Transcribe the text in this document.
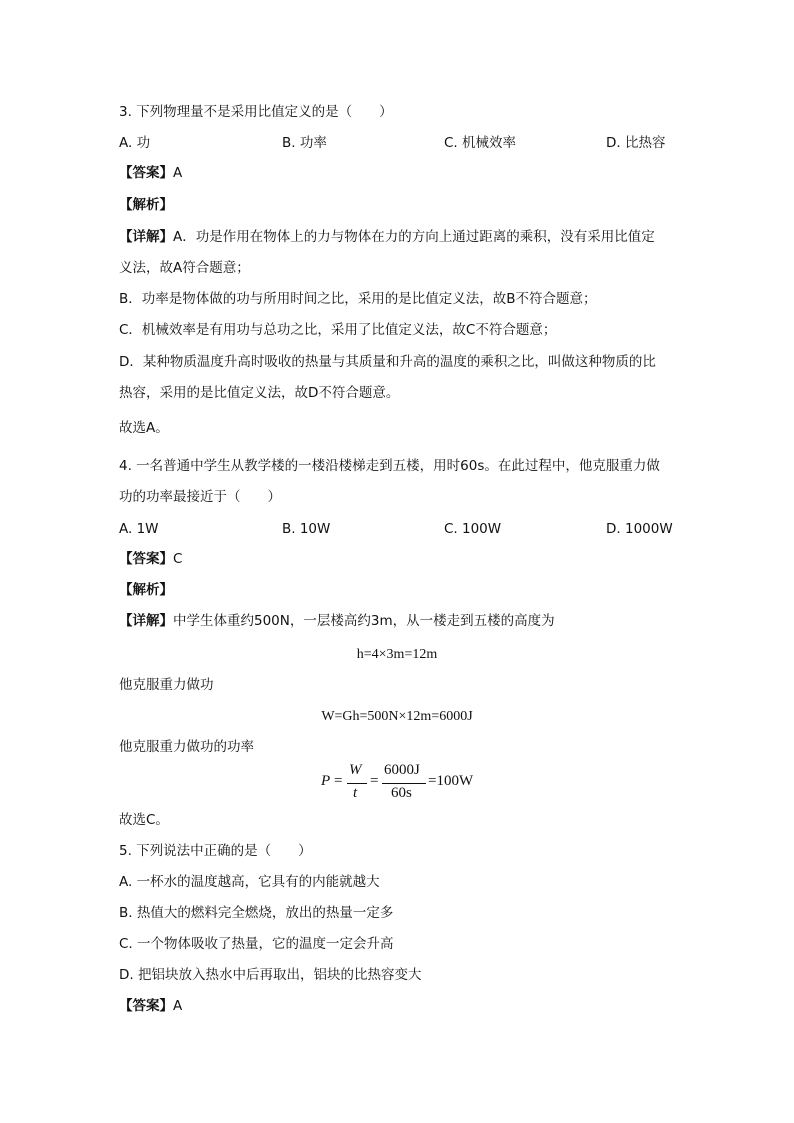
3. 下列物理量不是采用比值定义的是（　　）
A. 功	B. 功率	C. 机械效率	D. 比热容
【答案】A
【解析】
【详解】A．功是作用在物体上的力与物体在力的方向上通过距离的乘积，没有采用比值定
义法，故A符合题意；
B．功率是物体做的功与所用时间之比，采用的是比值定义法，故B不符合题意；
C．机械效率是有用功与总功之比，采用了比值定义法，故C不符合题意；
D．某种物质温度升高时吸收的热量与其质量和升高的温度的乘积之比，叫做这种物质的比
热容，采用的是比值定义法，故D不符合题意。
故选A。
4. 一名普通中学生从教学楼的一楼沿楼梯走到五楼，用时60s。在此过程中，他克服重力做
功的功率最接近于（　　）
A. 1W	B. 10W	C. 100W	D. 1000W
【答案】C
【解析】
【详解】中学生体重约500N，一层楼高约3m，从一楼走到五楼的高度为
h=4×3m=12m
他克服重力做功
W=Gh=500N×12m=6000J
他克服重力做功的功率
P =
W
t
=
6000J
60s
=100W
故选C。
5. 下列说法中正确的是（　　）
A. 一杯水的温度越高，它具有的内能就越大
B. 热值大的燃料完全燃烧，放出的热量一定多
C. 一个物体吸收了热量，它的温度一定会升高
D. 把铝块放入热水中后再取出，铝块的比热容变大
【答案】A
